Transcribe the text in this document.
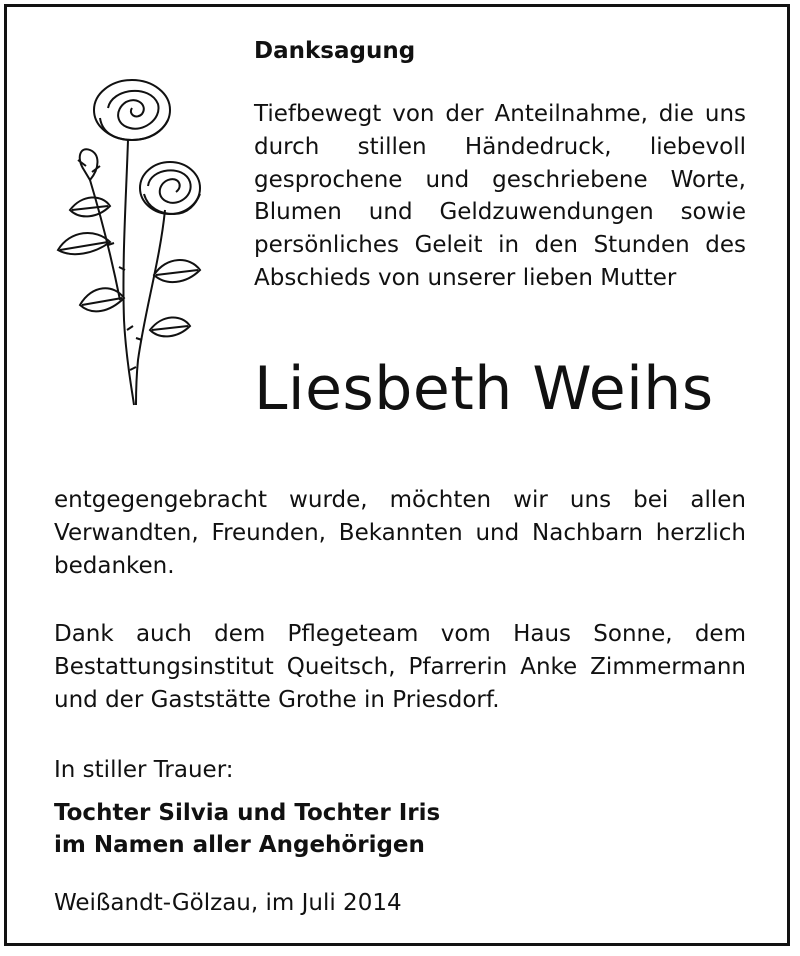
Danksagung

Tiefbewegt von der Anteilnahme, die uns durch stillen Händedruck, liebevoll gesprochene und geschriebene Worte, Blumen und Geldzuwendungen sowie persönliches Geleit in den Stunden des Abschieds von unserer lieben Mutter

Liesbeth Weihs

entgegengebracht wurde, möchten wir uns bei allen Verwandten, Freunden, Bekannten und Nachbarn herzlich bedanken.

Dank auch dem Pflegeteam vom Haus Sonne, dem Bestattungsinstitut Queitsch, Pfarrerin Anke Zimmermann und der Gaststätte Grothe in Priesdorf.

In stiller Trauer:

Tochter Silvia und Tochter Iris
im Namen aller Angehörigen

Weißandt-Gölzau, im Juli 2014
